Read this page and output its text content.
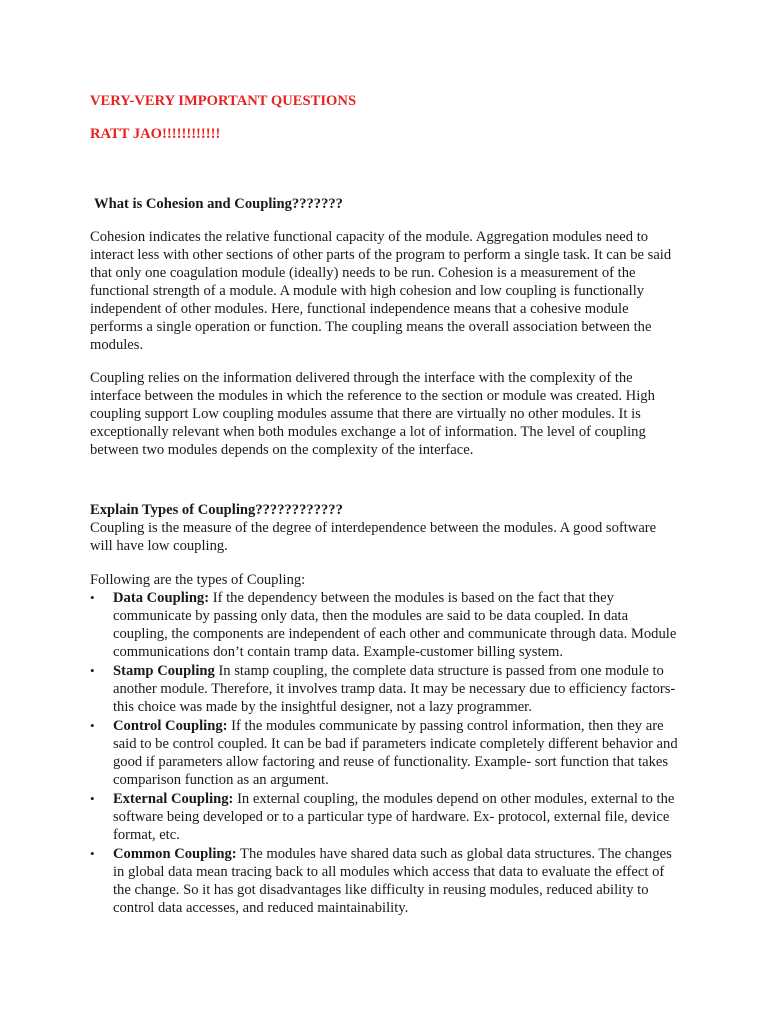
VERY-VERY IMPORTANT QUESTIONS
RATT JAO!!!!!!!!!!!!
What is Cohesion and Coupling???????

Cohesion indicates the relative functional capacity of the module. Aggregation modules need to interact less with other sections of other parts of the program to perform a single task. It can be said that only one coagulation module (ideally) needs to be run. Cohesion is a measurement of the functional strength of a module. A module with high cohesion and low coupling is functionally independent of other modules. Here, functional independence means that a cohesive module performs a single operation or function. The coupling means the overall association between the modules.

Coupling relies on the information delivered through the interface with the complexity of the interface between the modules in which the reference to the section or module was created. High coupling support Low coupling modules assume that there are virtually no other modules. It is exceptionally relevant when both modules exchange a lot of information. The level of coupling between two modules depends on the complexity of the interface.

Explain Types of Coupling????????????

Coupling is the measure of the degree of interdependence between the modules. A good software will have low coupling.

Following are the types of Coupling:

•	Data Coupling: If the dependency between the modules is based on the fact that they communicate by passing only data, then the modules are said to be data coupled. In data coupling, the components are independent of each other and communicate through data. Module communications don’t contain tramp data. Example-customer billing system.
•	Stamp Coupling In stamp coupling, the complete data structure is passed from one module to another module. Therefore, it involves tramp data. It may be necessary due to efficiency factors- this choice was made by the insightful designer, not a lazy programmer.
•	Control Coupling: If the modules communicate by passing control information, then they are said to be control coupled. It can be bad if parameters indicate completely different behavior and good if parameters allow factoring and reuse of functionality. Example- sort function that takes comparison function as an argument.
•	External Coupling: In external coupling, the modules depend on other modules, external to the software being developed or to a particular type of hardware. Ex- protocol, external file, device format, etc.
•	Common Coupling: The modules have shared data such as global data structures. The changes in global data mean tracing back to all modules which access that data to evaluate the effect of the change. So it has got disadvantages like difficulty in reusing modules, reduced ability to control data accesses, and reduced maintainability.
